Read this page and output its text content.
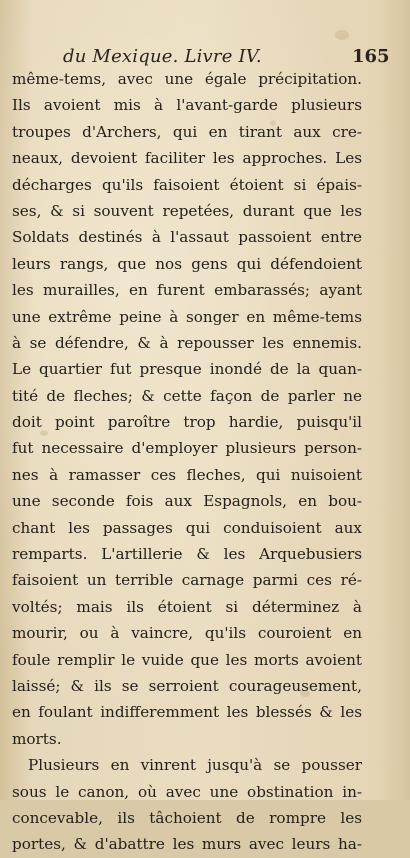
du Mexique. Livre IV.	165
même-tems, avec une égale précipitation.
Ils avoient mis à l'avant-garde plusieurs
troupes d'Archers, qui en tirant aux cre-
neaux, devoient faciliter les approches. Les
décharges qu'ils faisoient étoient si épais-
ses, & si souvent repetées, durant que les
Soldats destinés à l'assaut passoient entre
leurs rangs, que nos gens qui défendoient
les murailles, en furent embarassés; ayant
une extrême peine à songer en même-tems
à se défendre, & à repousser les ennemis.
Le quartier fut presque inondé de la quan-
tité de fleches; & cette façon de parler ne
doit point paroître trop hardie, puisqu'il
fut necessaire d'employer plusieurs person-
nes à ramasser ces fleches, qui nuisoient
une seconde fois aux Espagnols, en bou-
chant les passages qui conduisoient aux
remparts. L'artillerie & les Arquebusiers
faisoient un terrible carnage parmi ces ré-
voltés; mais ils étoient si déterminez à
mourir, ou à vaincre, qu'ils couroient en
foule remplir le vuide que les morts avoient
laissé; & ils se serroient courageusement,
en foulant indifferemment les blessés & les
morts.
Plusieurs en vinrent jusqu'à se pousser
sous le canon, où avec une obstination in-
concevable, ils tâchoient de rompre les
portes, & d'abattre les murs avec leurs ha-
